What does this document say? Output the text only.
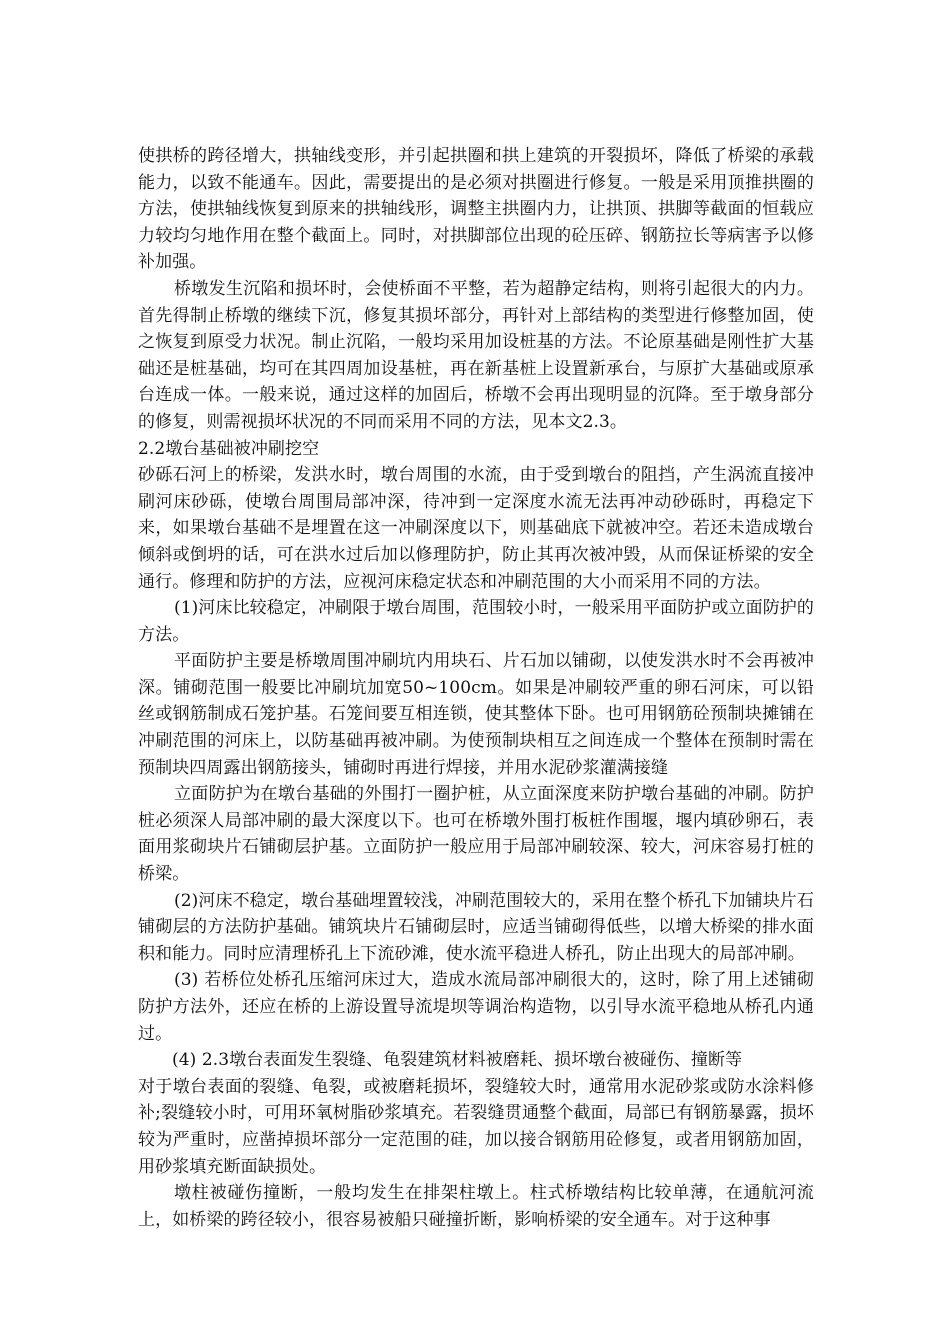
使拱桥的跨径增大，拱轴线变形，并引起拱圈和拱上建筑的开裂损坏，降低了桥梁的承载能力，以致不能通车。因此，需要提出的是必须对拱圈进行修复。一般是采用顶推拱圈的方法，使拱轴线恢复到原来的拱轴线形，调整主拱圈内力，让拱顶、拱脚等截面的恒载应力较均匀地作用在整个截面上。同时，对拱脚部位出现的砼压碎、钢筋拉长等病害予以修补加强。

桥墩发生沉陷和损坏时，会使桥面不平整，若为超静定结构，则将引起很大的内力。首先得制止桥墩的继续下沉，修复其损坏部分，再针对上部结构的类型进行修整加固，使之恢复到原受力状况。制止沉陷，一般均采用加设桩基的方法。不论原基础是刚性扩大基础还是桩基础，均可在其四周加设基桩，再在新基桩上设置新承台，与原扩大基础或原承台连成一体。一般来说，通过这样的加固后，桥墩不会再出现明显的沉降。至于墩身部分的修复，则需视损坏状况的不同而采用不同的方法，见本文2.3。

2.2墩台基础被冲刷挖空

砂砾石河上的桥梁，发洪水时，墩台周围的水流，由于受到墩台的阻挡，产生涡流直接冲刷河床砂砾，使墩台周围局部冲深，待冲到一定深度水流无法再冲动砂砾时，再稳定下来，如果墩台基础不是埋置在这一冲刷深度以下，则基础底下就被冲空。若还未造成墩台倾斜或倒坍的话，可在洪水过后加以修理防护，防止其再次被冲毁，从而保证桥梁的安全通行。修理和防护的方法，应视河床稳定状态和冲刷范围的大小而采用不同的方法。

(1)河床比较稳定，冲刷限于墩台周围，范围较小时，一般采用平面防护或立面防护的方法。

平面防护主要是桥墩周围冲刷坑内用块石、片石加以铺砌，以使发洪水时不会再被冲深。铺砌范围一般要比冲刷坑加宽50~100cm。如果是冲刷较严重的卵石河床，可以铅丝或钢筋制成石笼护基。石笼间要互相连锁，使其整体下卧。也可用钢筋砼预制块摊铺在冲刷范围的河床上，以防基础再被冲刷。为使预制块相互之间连成一个整体在预制时需在预制块四周露出钢筋接头，铺砌时再进行焊接，并用水泥砂浆灌满接缝

立面防护为在墩台基础的外围打一圈护桩，从立面深度来防护墩台基础的冲刷。防护桩必须深人局部冲刷的最大深度以下。也可在桥墩外围打板桩作围堰，堰内填砂卵石，表面用浆砌块片石铺砌层护基。立面防护一般应用于局部冲刷较深、较大，河床容易打桩的桥梁。

(2)河床不稳定，墩台基础埋置较浅，冲刷范围较大的，采用在整个桥孔下加铺块片石铺砌层的方法防护基础。铺筑块片石铺砌层时，应适当铺砌得低些，以增大桥梁的排水面积和能力。同时应清理桥孔上下流砂滩，使水流平稳进人桥孔，防止出现大的局部冲刷。

(3) 若桥位处桥孔压缩河床过大，造成水流局部冲刷很大的，这时，除了用上述铺砌防护方法外，还应在桥的上游设置导流堤坝等调治构造物，以引导水流平稳地从桥孔内通过。

(4) 2.3墩台表面发生裂缝、龟裂建筑材料被磨耗、损坏墩台被碰伤、撞断等

对于墩台表面的裂缝、龟裂，或被磨耗损坏，裂缝较大时，通常用水泥砂浆或防水涂料修补;裂缝较小时，可用环氧树脂砂浆填充。若裂缝贯通整个截面，局部已有钢筋暴露，损坏较为严重时，应凿掉损坏部分一定范围的硅，加以接合钢筋用砼修复，或者用钢筋加固，用砂浆填充断面缺损处。

墩柱被碰伤撞断，一般均发生在排架柱墩上。柱式桥墩结构比较单薄，在通航河流上，如桥梁的跨径较小，很容易被船只碰撞折断，影响桥梁的安全通车。对于这种事
